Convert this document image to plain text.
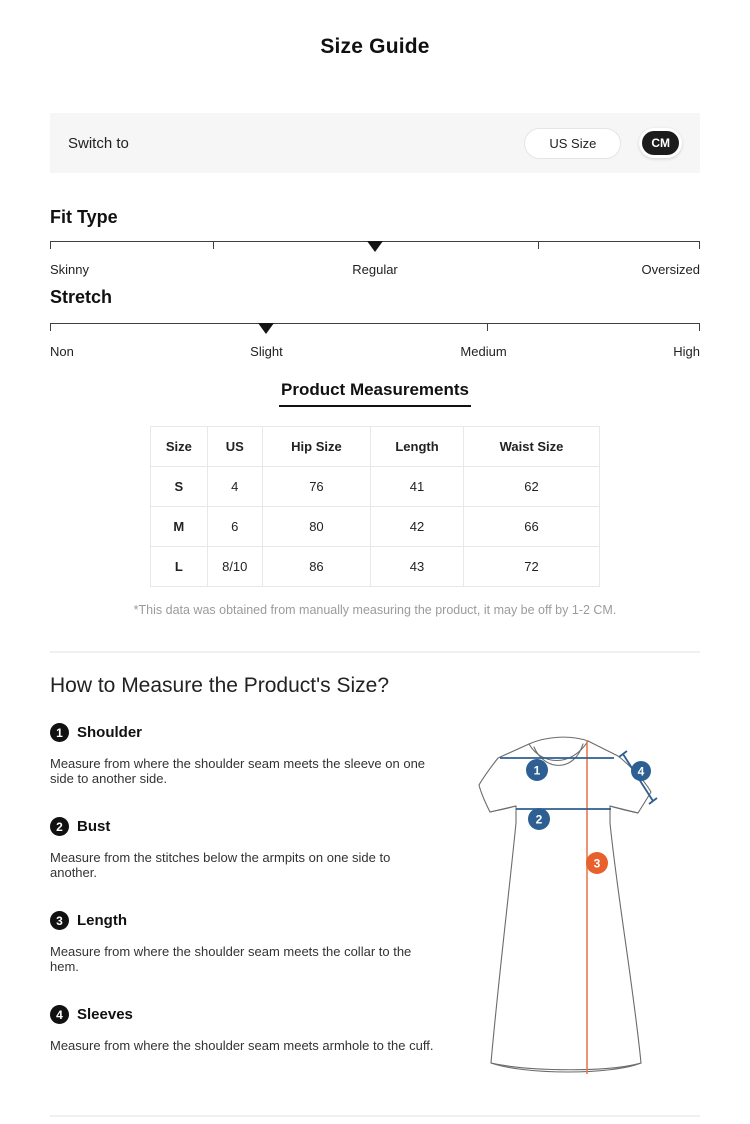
Size Guide
Switch to	US Size	CM
Fit Type
Skinny	Regular	Oversized
Stretch
Non	Slight	Medium	High
Product Measurements
Size	US	Hip Size	Length	Waist Size
S	4	76	41	62
M	6	80	42	66
L	8/10	86	43	72
*This data was obtained from manually measuring the product, it may be off by 1-2 CM.
How to Measure the Product's Size?
1 Shoulder
Measure from where the shoulder seam meets the sleeve on one side to another side.
2 Bust
Measure from the stitches below the armpits on one side to another.
3 Length
Measure from where the shoulder seam meets the collar to the hem.
4 Sleeves
Measure from where the shoulder seam meets armhole to the cuff.
1
2
3
4
